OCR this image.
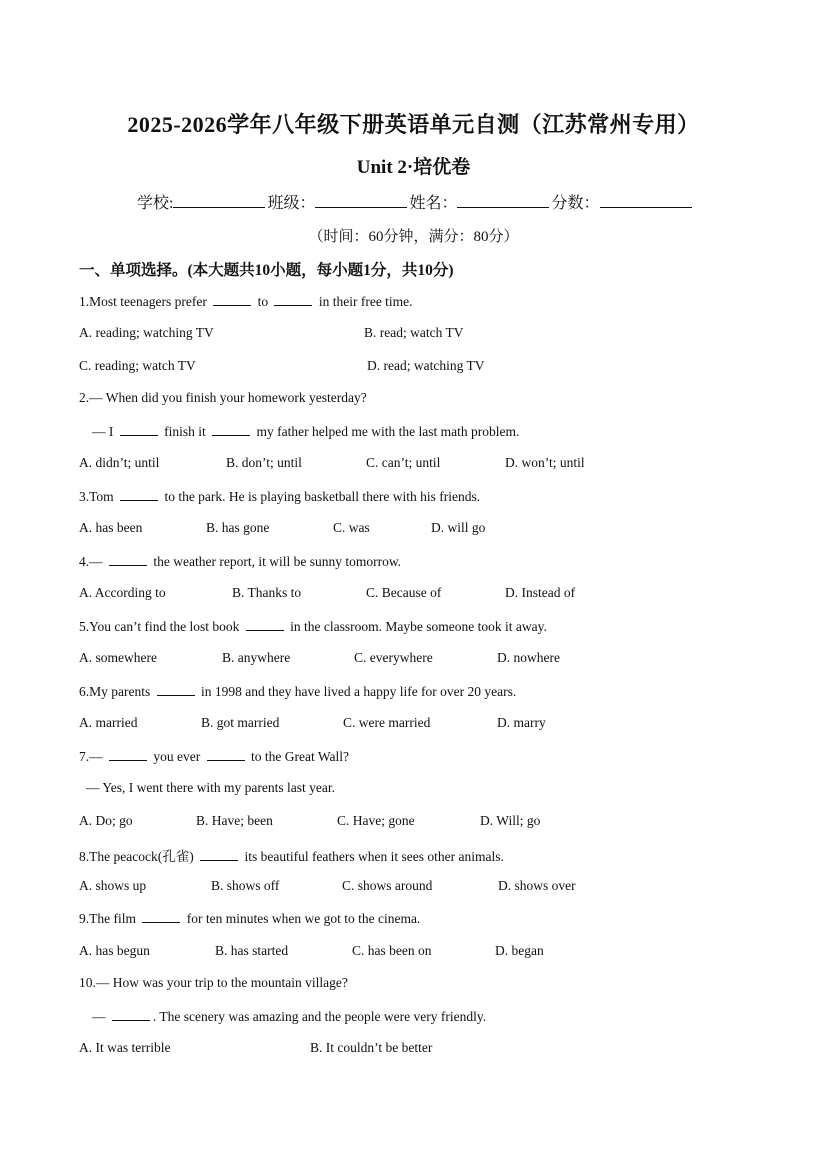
2025-2026学年八年级下册英语单元自测（江苏常州专用）
Unit 2·培优卷
学校:	班级：	姓名：	分数：
（时间：60分钟，满分：80分）
一、单项选择。(本大题共10小题，每小题1分，共10分)
1.Most teenagers prefer	to	in their free time.
A. reading; watching TV	B. read; watch TV
C. reading; watch TV	D. read; watching TV
2.— When did you finish your homework yesterday?
— I	finish it	my father helped me with the last math problem.
A. didn’t; until	B. don’t; until	C. can’t; until	D. won’t; until
3.Tom	to the park. He is playing basketball there with his friends.
A. has been	B. has gone	C. was	D. will go
4.—	the weather report, it will be sunny tomorrow.
A. According to	B. Thanks to	C. Because of	D. Instead of
5.You can’t find the lost book	in the classroom. Maybe someone took it away.
A. somewhere	B. anywhere	C. everywhere	D. nowhere
6.My parents	in 1998 and they have lived a happy life for over 20 years.
A. married	B. got married	C. were married	D. marry
7.—	you ever	to the Great Wall?
— Yes, I went there with my parents last year.
A. Do; go	B. Have; been	C. Have; gone	D. Will; go
8.The peacock(孔雀)	its beautiful feathers when it sees other animals.
A. shows up	B. shows off	C. shows around	D. shows over
9.The film	for ten minutes when we got to the cinema.
A. has begun	B. has started	C. has been on	D. began
10.— How was your trip to the mountain village?
—	. The scenery was amazing and the people were very friendly.
A. It was terrible	B. It couldn’t be better
